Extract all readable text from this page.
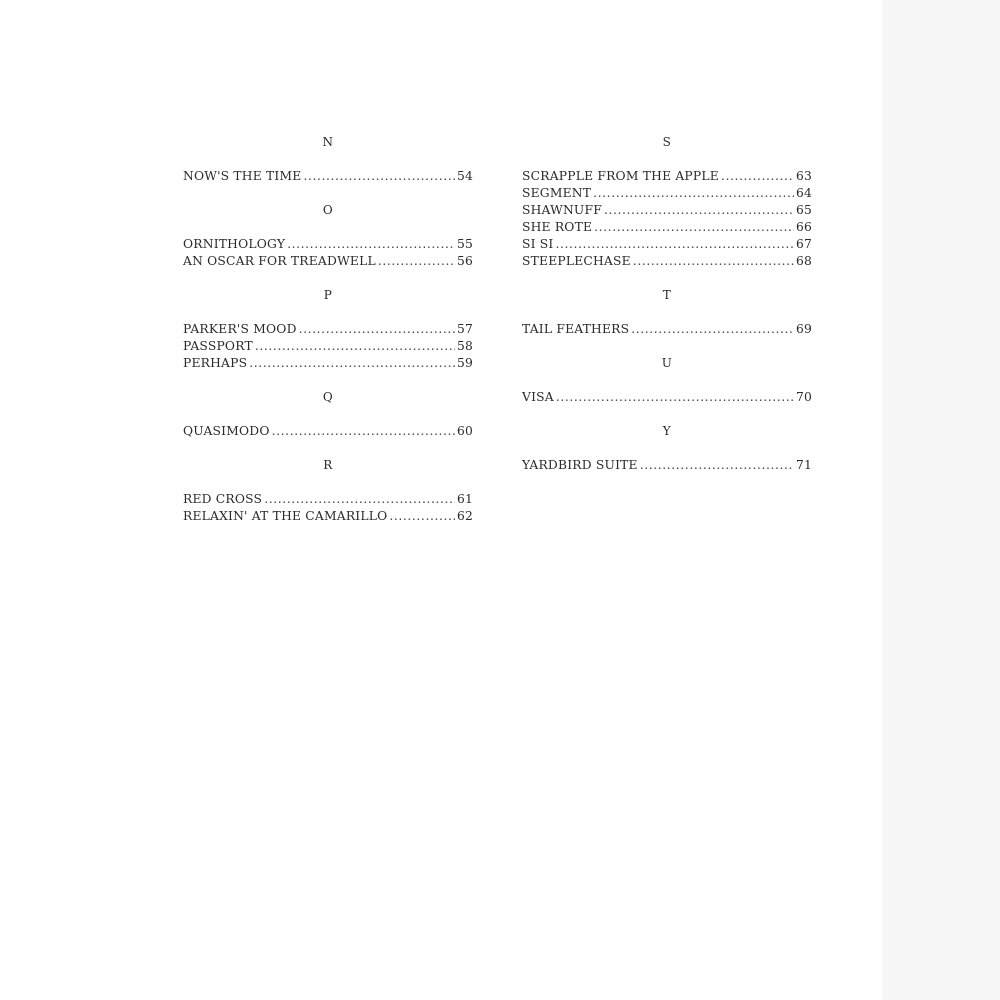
N
NOW'S THE TIME .....	54
O
ORNITHOLOGY .....	55
AN OSCAR FOR TREADWELL .....	56
P
PARKER'S MOOD .....	57
PASSPORT .....	58
PERHAPS .....	59
Q
QUASIMODO .....	60
R
RED CROSS .....	61
RELAXIN' AT THE CAMARILLO .....	62
S
SCRAPPLE FROM THE APPLE .....	63
SEGMENT .....	64
SHAWNUFF .....	65
SHE ROTE .....	66
SI SI .....	67
STEEPLECHASE .....	68
T
TAIL FEATHERS .....	69
U
VISA .....	70
Y
YARDBIRD SUITE .....	71
